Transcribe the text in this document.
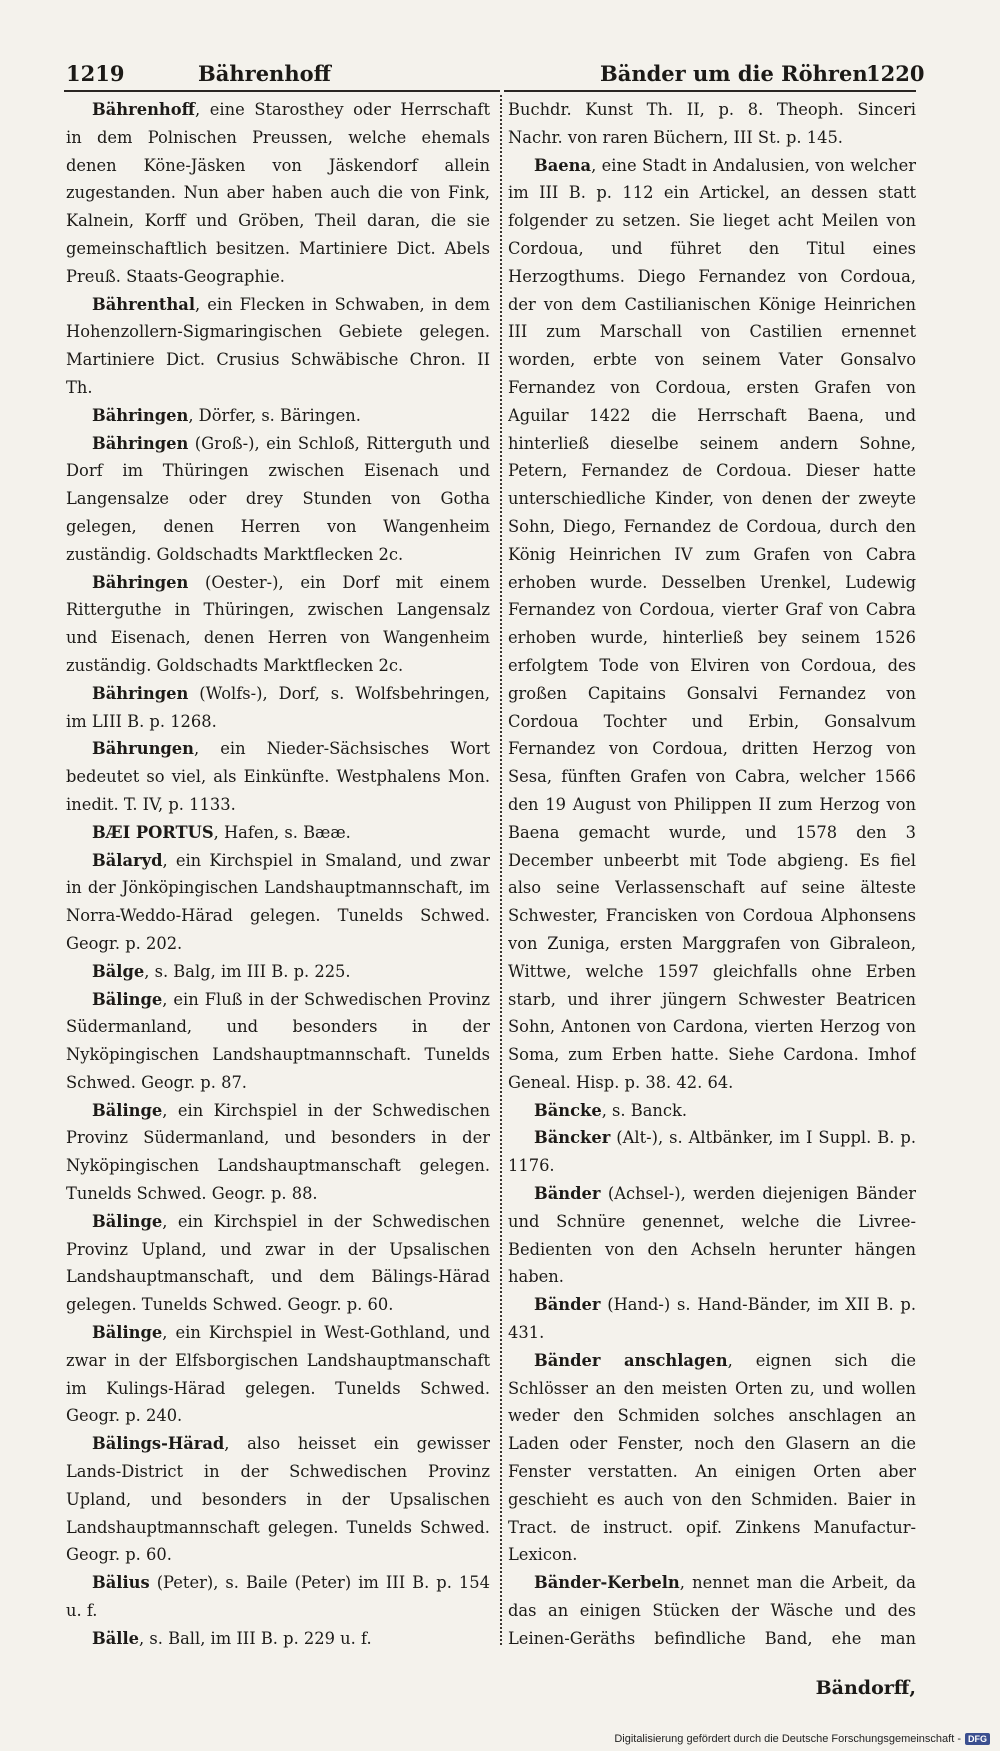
1219	Bährenhoff	Bänder um die Röhren
1220

Bährenhoff, eine Starosthey oder Herrschaft in dem Polnischen Preussen, welche ehemals denen Köne-Jäsken von Jäskendorf allein zugestanden. Nun aber haben auch die von Fink, Kalnein, Korff und Gröben, Theil daran, die sie gemeinschaftlich besitzen. Martiniere Dict. Abels Preuß. Staats-Geographie.

Bährenthal, ein Flecken in Schwaben, in dem Hohenzollern-Sigmaringischen Gebiete gelegen. Martiniere Dict. Crusius Schwäbische Chron. II Th.

Bähringen, Dörfer, s. Bäringen.

Bähringen (Groß-), ein Schloß, Ritterguth und Dorf im Thüringen zwischen Eisenach und Langensalze oder drey Stunden von Gotha gelegen, denen Herren von Wangenheim zuständig. Goldschadts Marktflecken 2c.

Bähringen (Oester-), ein Dorf mit einem Ritterguthe in Thüringen, zwischen Langensalz und Eisenach, denen Herren von Wangenheim zuständig. Goldschadts Marktflecken 2c.

Bähringen (Wolfs-), Dorf, s. Wolfsbehringen, im LIII B. p. 1268.

Bährungen, ein Nieder-Sächsisches Wort bedeutet so viel, als Einkünfte. Westphalens Mon. inedit. T. IV, p. 1133.

BÆI PORTUS, Hafen, s. Bææ.

Bälaryd, ein Kirchspiel in Smaland, und zwar in der Jönköpingischen Landshauptmannschaft, im Norra-Weddo-Härad gelegen. Tunelds Schwed. Geogr. p. 202.

Bälge, s. Balg, im III B. p. 225.

Bälinge, ein Fluß in der Schwedischen Provinz Südermanland, und besonders in der Nyköpingischen Landshauptmannschaft. Tunelds Schwed. Geogr. p. 87.

Bälinge, ein Kirchspiel in der Schwedischen Provinz Südermanland, und besonders in der Nyköpingischen Landshauptmanschaft gelegen. Tunelds Schwed. Geogr. p. 88.

Bälinge, ein Kirchspiel in der Schwedischen Provinz Upland, und zwar in der Upsalischen Landshauptmanschaft, und dem Bälings-Härad gelegen. Tunelds Schwed. Geogr. p. 60.

Bälinge, ein Kirchspiel in West-Gothland, und zwar in der Elfsborgischen Landshauptmanschaft im Kulings-Härad gelegen. Tunelds Schwed. Geogr. p. 240.

Bälings-Härad, also heisset ein gewisser Lands-District in der Schwedischen Provinz Upland, und besonders in der Upsalischen Landshauptmannschaft gelegen. Tunelds Schwed. Geogr. p. 60.

Bälius (Peter), s. Baile (Peter) im III B. p. 154 u. f.

Bälle, s. Ball, im III B. p. 229 u. f.

Buchdr. Kunst Th. II, p. 8. Theoph. Sinceri Nachr. von raren Büchern, III St. p. 145.

Baena, eine Stadt in Andalusien, von welcher im III B. p. 112 ein Artickel, an dessen statt folgender zu setzen. Sie lieget acht Meilen von Cordoua, und führet den Titul eines Herzogthums. Diego Fernandez von Cordoua, der von dem Castilianischen Könige Heinrichen III zum Marschall von Castilien ernennet worden, erbte von seinem Vater Gonsalvo Fernandez von Cordoua, ersten Grafen von Aguilar 1422 die Herrschaft Baena, und hinterließ dieselbe seinem andern Sohne, Petern, Fernandez de Cordoua. Dieser hatte unterschiedliche Kinder, von denen der zweyte Sohn, Diego, Fernandez de Cordoua, durch den König Heinrichen IV zum Grafen von Cabra erhoben wurde. Desselben Urenkel, Ludewig Fernandez von Cordoua, vierter Graf von Cabra erhoben wurde, hinterließ bey seinem 1526 erfolgtem Tode von Elviren von Cordoua, des großen Capitains Gonsalvi Fernandez von Cordoua Tochter und Erbin, Gonsalvum Fernandez von Cordoua, dritten Herzog von Sesa, fünften Grafen von Cabra, welcher 1566 den 19 August von Philippen II zum Herzog von Baena gemacht wurde, und 1578 den 3 December unbeerbt mit Tode abgieng. Es fiel also seine Verlassenschaft auf seine älteste Schwester, Francisken von Cordoua Alphonsens von Zuniga, ersten Marggrafen von Gibraleon, Wittwe, welche 1597 gleichfalls ohne Erben starb, und ihrer jüngern Schwester Beatricen Sohn, Antonen von Cardona, vierten Herzog von Soma, zum Erben hatte. Siehe Cardona. Imhof Geneal. Hisp. p. 38. 42. 64.

Bäncke, s. Banck.

Bäncker (Alt-), s. Altbänker, im I Suppl. B. p. 1176.

Bänder (Achsel-), werden diejenigen Bänder und Schnüre genennet, welche die Livree-Bedienten von den Achseln herunter hängen haben.

Bänder (Hand-) s. Hand-Bänder, im XII B. p. 431.

Bänder anschlagen, eignen sich die Schlösser an den meisten Orten zu, und wollen weder den Schmiden solches anschlagen an Laden oder Fenster, noch den Glasern an die Fenster verstatten. An einigen Orten aber geschieht es auch von den Schmiden. Baier in Tract. de instruct. opif. Zinkens Manufactur-Lexicon.

Bänder-Kerbeln, nennet man die Arbeit, da das an einigen Stücken der Wäsche und des Leinen-Geräths befindliche Band, ehe man

Bändorff,
Digitalisierung gefördert durch die Deutsche Forschungsgemeinschaft - DFG
